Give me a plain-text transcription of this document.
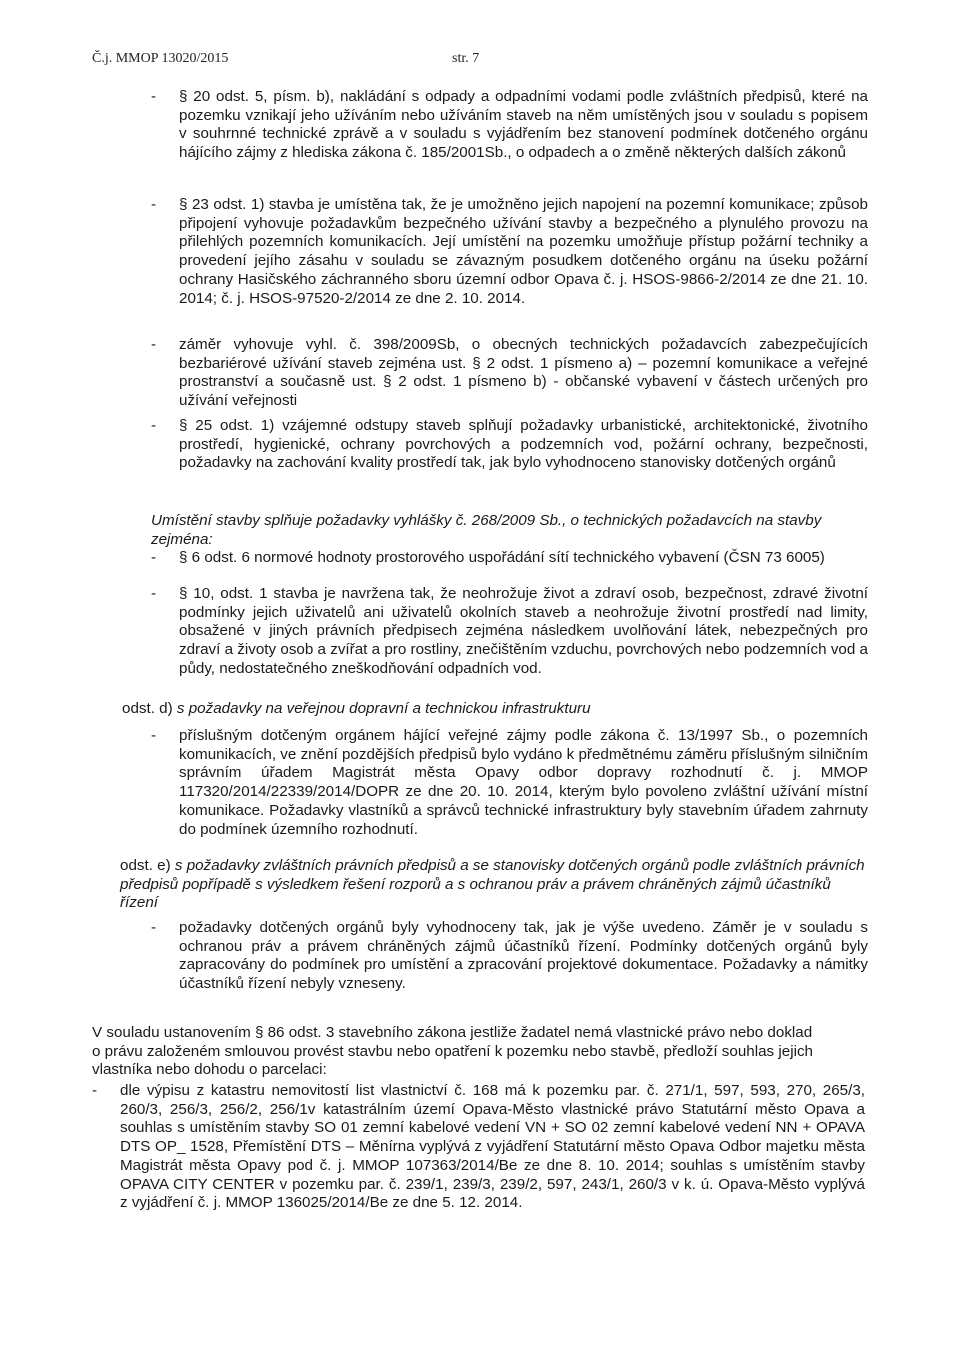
Č.j. MMOP 13020/2015	str. 7
- § 20 odst. 5, písm. b), nakládání s odpady a odpadními vodami podle zvláštních předpisů, které na pozemku vznikají jeho užíváním nebo užíváním staveb na něm umístěných jsou v souladu s popisem v souhrnné technické zprávě a v souladu s vyjádřením bez stanovení podmínek dotčeného orgánu hájícího zájmy z hlediska zákona č. 185/2001Sb., o odpadech a o změně některých dalších zákonů

- § 23 odst. 1) stavba je umístěna tak, že je umožněno jejich napojení na pozemní komunikace; způsob připojení vyhovuje požadavkům bezpečného užívání stavby a bezpečného a plynulého provozu na přilehlých pozemních komunikacích. Její umístění na pozemku umožňuje přístup požární techniky a provedení jejího zásahu v souladu se závazným posudkem dotčeného orgánu na úseku požární ochrany Hasičského záchranného sboru územní odbor Opava č. j. HSOS-9866-2/2014 ze dne 21. 10. 2014; č. j. HSOS-97520-2/2014 ze dne 2. 10. 2014.

- záměr vyhovuje vyhl. č. 398/2009Sb, o obecných technických požadavcích zabezpečujících bezbariérové užívání staveb zejména ust. § 2 odst. 1 písmeno a) – pozemní komunikace a veřejné prostranství a současně ust. § 2 odst. 1 písmeno b) - občanské vybavení v částech určených pro užívání veřejnosti

- § 25 odst. 1) vzájemné odstupy staveb splňují požadavky urbanistické, architektonické, životního prostředí, hygienické, ochrany povrchových a podzemních vod, požární ochrany, bezpečnosti, požadavky na zachování kvality prostředí tak, jak bylo vyhodnoceno stanovisky dotčených orgánů

Umístění stavby splňuje požadavky vyhlášky č. 268/2009 Sb., o technických požadavcích na stavby zejména:

- § 6 odst. 6 normové hodnoty prostorového uspořádání sítí technického vybavení (ČSN 73 6005)

- § 10, odst. 1 stavba je navržena tak, že neohrožuje život a zdraví osob, bezpečnost, zdravé životní podmínky jejich uživatelů ani uživatelů okolních staveb a neohrožuje životní prostředí nad limity, obsažené v jiných právních předpisech zejména následkem uvolňování látek, nebezpečných pro zdraví a životy osob a zvířat a pro rostliny, znečištěním vzduchu, povrchových nebo podzemních vod a půdy, nedostatečného zneškodňování odpadních vod.

odst. d) s požadavky na veřejnou dopravní a technickou infrastrukturu

- příslušným dotčeným orgánem hájící veřejné zájmy podle zákona č. 13/1997 Sb., o pozemních komunikacích, ve znění pozdějších předpisů bylo vydáno k předmětnému záměru příslušným silničním správním úřadem Magistrát města Opavy odbor dopravy rozhodnutí č. j. MMOP 117320/2014/22339/2014/DOPR ze dne 20. 10. 2014, kterým bylo povoleno zvláštní užívání místní komunikace. Požadavky vlastníků a správců technické infrastruktury byly stavebním úřadem zahrnuty do podmínek územního rozhodnutí.

odst. e) s požadavky zvláštních právních předpisů a se stanovisky dotčených orgánů podle zvláštních právních předpisů popřípadě s výsledkem řešení rozporů a s ochranou práv a právem chráněných zájmů účastníků řízení

- požadavky dotčených orgánů byly vyhodnoceny tak, jak je výše uvedeno. Záměr je v souladu s ochranou práv a právem chráněných zájmů účastníků řízení. Podmínky dotčených orgánů byly zapracovány do podmínek pro umístění a zpracování projektové dokumentace. Požadavky a námitky účastníků řízení nebyly vzneseny.

V souladu ustanovením § 86 odst. 3 stavebního zákona jestliže žadatel nemá vlastnické právo nebo doklad o právu založeném smlouvou provést stavbu nebo opatření k pozemku nebo stavbě, předloží souhlas jejich vlastníka nebo dohodu o parcelaci:

- dle výpisu z katastru nemovitostí list vlastnictví č. 168 má k pozemku par. č. 271/1, 597, 593, 270, 265/3, 260/3, 256/3, 256/2, 256/1v katastrálním území Opava-Město vlastnické právo Statutární město Opava a souhlas s umístěním stavby SO 01 zemní kabelové vedení VN + SO 02 zemní kabelové vedení NN + OPAVA DTS OP_ 1528, Přemístění DTS – Měnírna vyplývá z vyjádření Statutární město Opava Odbor majetku města Magistrát města Opavy pod č. j. MMOP 107363/2014/Be ze dne 8. 10. 2014; souhlas s umístěním stavby OPAVA CITY CENTER v pozemku par. č. 239/1, 239/3, 239/2, 597, 243/1, 260/3 v k. ú. Opava-Město vyplývá z vyjádření č. j. MMOP 136025/2014/Be ze dne 5. 12. 2014.
